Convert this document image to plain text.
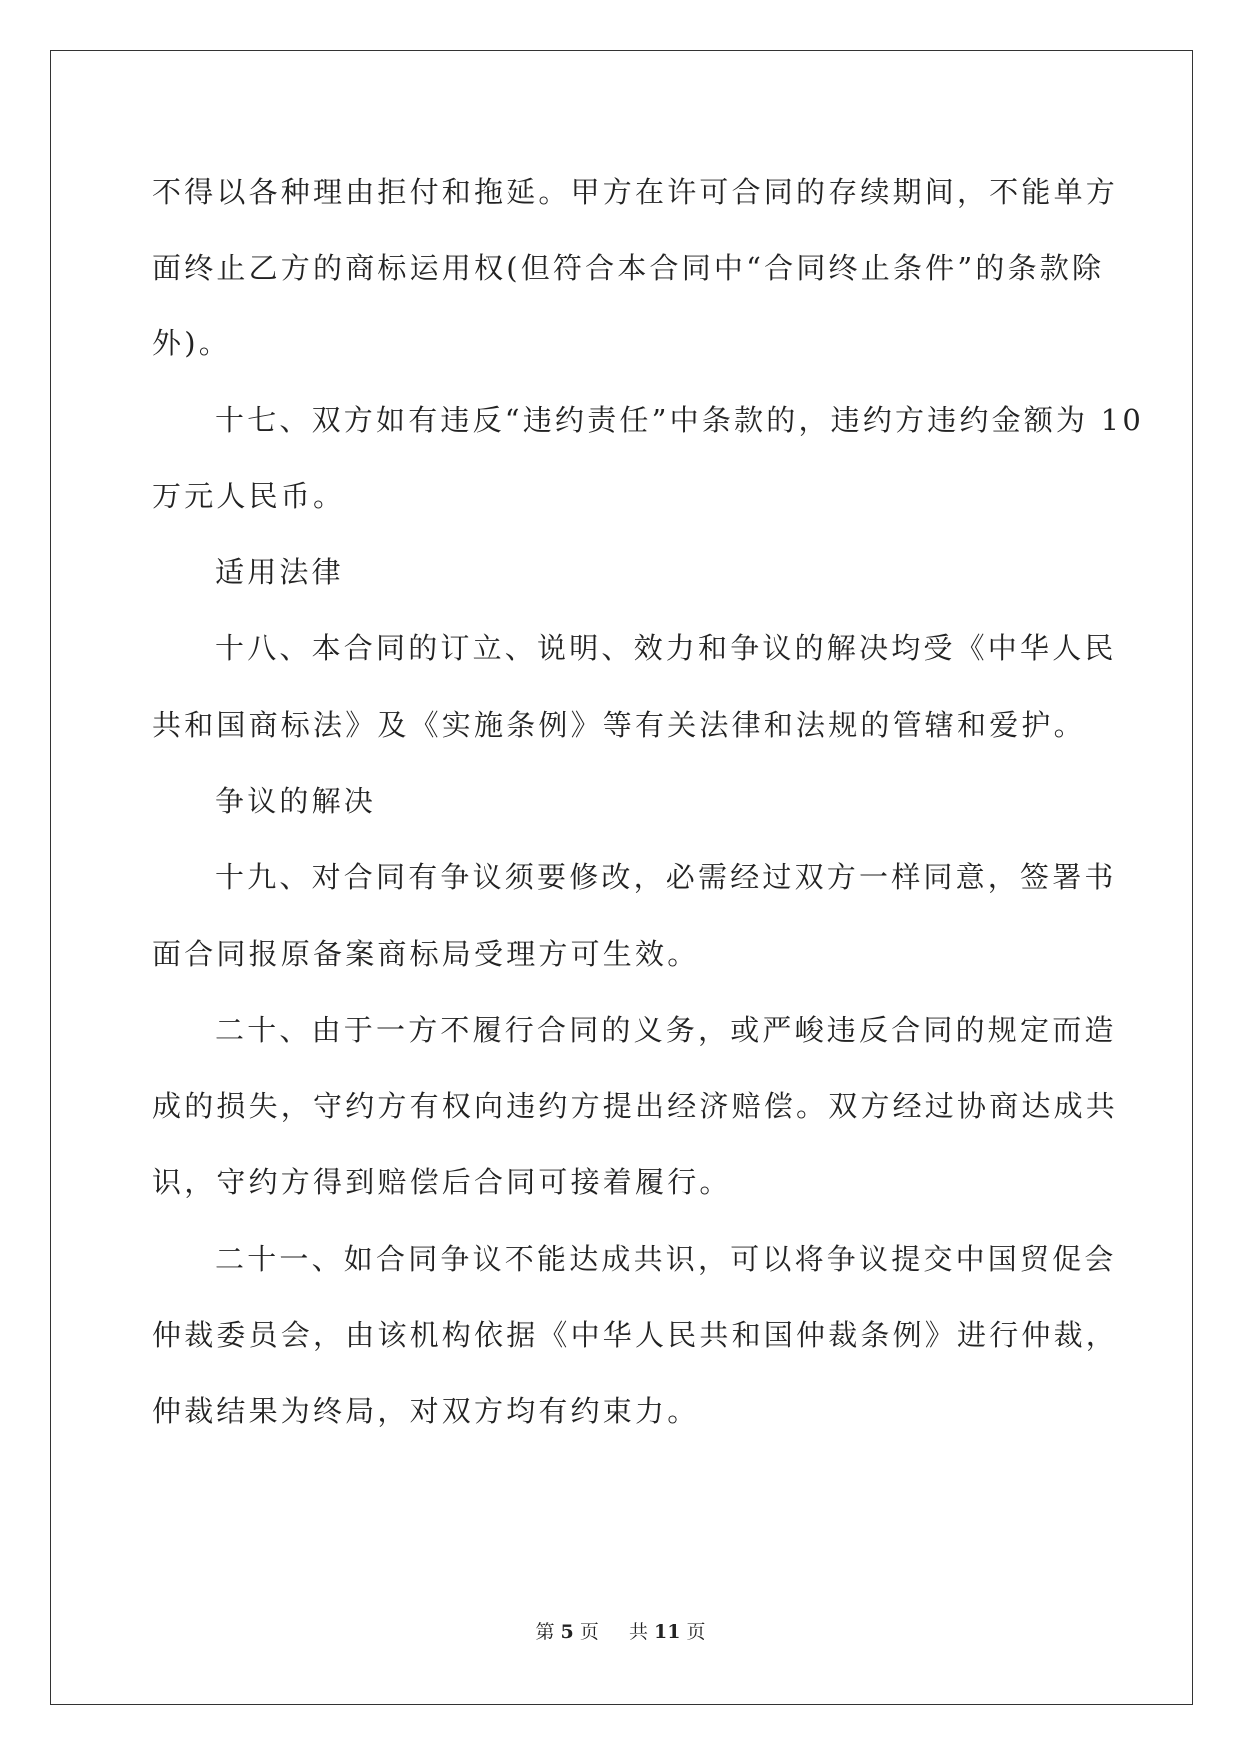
不得以各种理由拒付和拖延。甲方在许可合同的存续期间，不能单方
面终止乙方的商标运用权(但符合本合同中“合同终止条件”的条款除
外)。
十七、双方如有违反“违约责任”中条款的，违约方违约金额为 10
万元人民币。
适用法律
十八、本合同的订立、说明、效力和争议的解决均受《中华人民
共和国商标法》及《实施条例》等有关法律和法规的管辖和爱护。
争议的解决
十九、对合同有争议须要修改，必需经过双方一样同意，签署书
面合同报原备案商标局受理方可生效。
二十、由于一方不履行合同的义务，或严峻违反合同的规定而造
成的损失，守约方有权向违约方提出经济赔偿。双方经过协商达成共
识，守约方得到赔偿后合同可接着履行。
二十一、如合同争议不能达成共识，可以将争议提交中国贸促会
仲裁委员会，由该机构依据《中华人民共和国仲裁条例》进行仲裁，
仲裁结果为终局，对双方均有约束力。
第 5 页 共 11 页
